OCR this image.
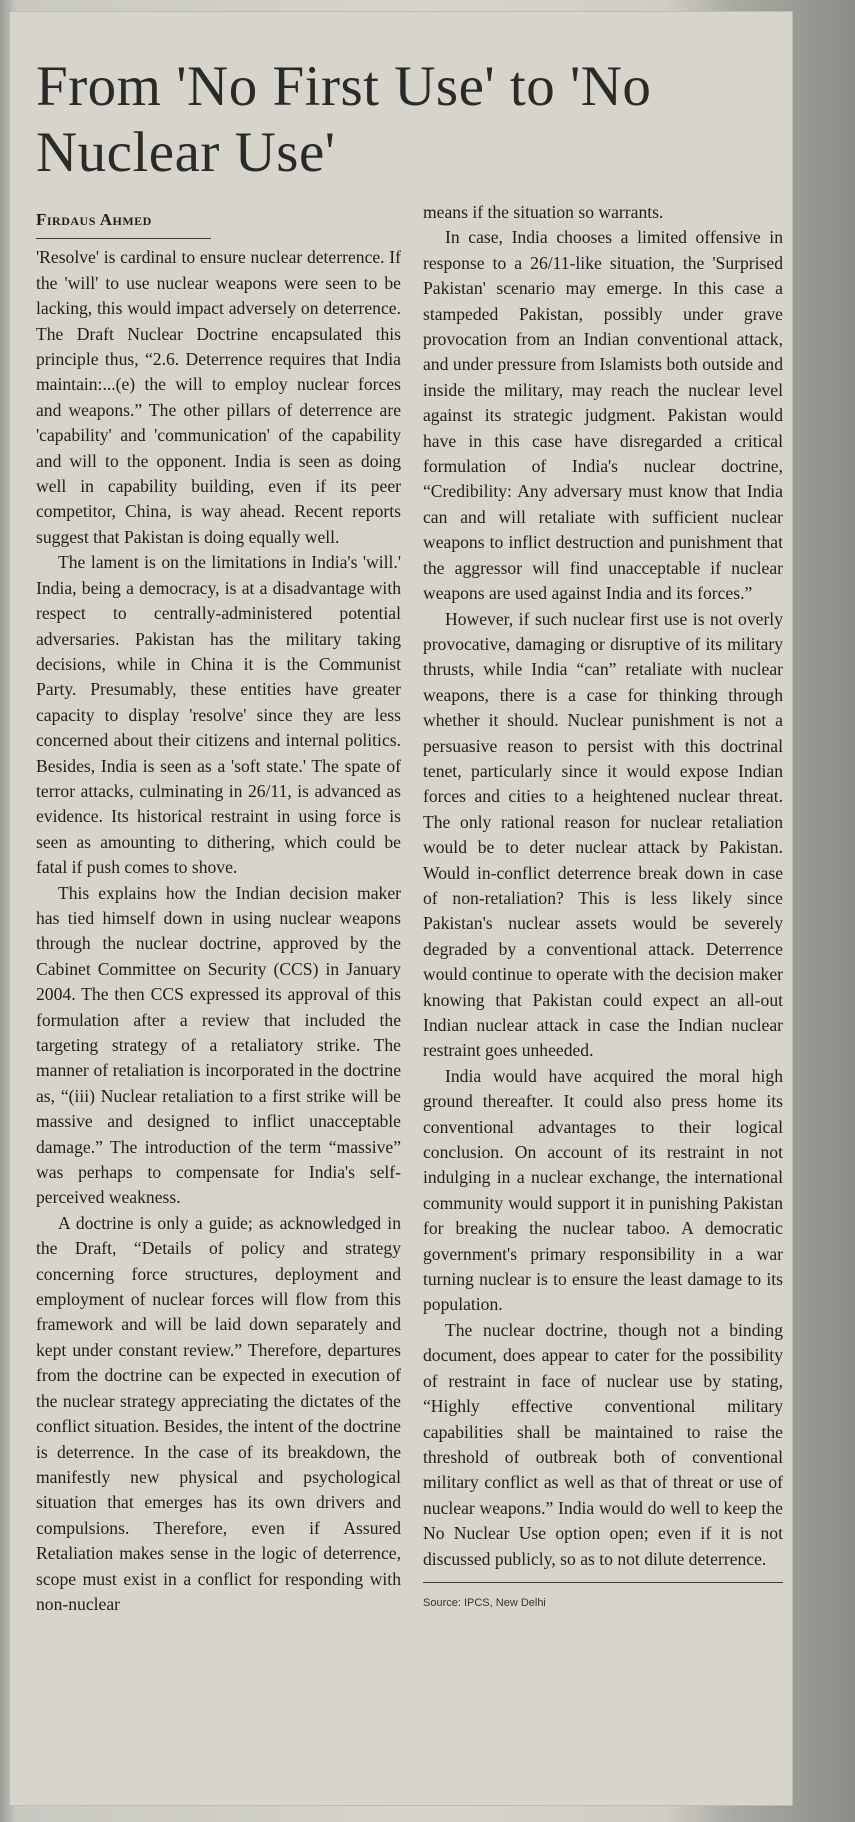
From 'No First Use' to 'No Nuclear Use'
Firdaus Ahmed

'Resolve' is cardinal to ensure nuclear deterrence. If the 'will' to use nuclear weapons were seen to be lacking, this would impact adversely on deterrence. The Draft Nuclear Doctrine encapsulated this principle thus, “2.6. Deterrence requires that India maintain:...(e) the will to employ nuclear forces and weapons.” The other pillars of deterrence are 'capability' and 'communication' of the capability and will to the opponent. India is seen as doing well in capability building, even if its peer competitor, China, is way ahead. Recent reports suggest that Pakistan is doing equally well.

The lament is on the limitations in India's 'will.' India, being a democracy, is at a disadvantage with respect to centrally-administered potential adversaries. Pakistan has the military taking decisions, while in China it is the Communist Party. Presumably, these entities have greater capacity to display 'resolve' since they are less concerned about their citizens and internal politics. Besides, India is seen as a 'soft state.' The spate of terror attacks, culminating in 26/11, is advanced as evidence. Its historical restraint in using force is seen as amounting to dithering, which could be fatal if push comes to shove.

This explains how the Indian decision maker has tied himself down in using nuclear weapons through the nuclear doctrine, approved by the Cabinet Committee on Security (CCS) in January 2004. The then CCS expressed its approval of this formulation after a review that included the targeting strategy of a retaliatory strike. The manner of retaliation is incorporated in the doctrine as, “(iii) Nuclear retaliation to a first strike will be massive and designed to inflict unacceptable damage.” The introduction of the term “massive” was perhaps to compensate for India's self-perceived weakness.

A doctrine is only a guide; as acknowledged in the Draft, “Details of policy and strategy concerning force structures, deployment and employment of nuclear forces will flow from this framework and will be laid down separately and kept under constant review.” Therefore, departures from the doctrine can be expected in execution of the nuclear strategy appreciating the dictates of the conflict situation. Besides, the intent of the doctrine is deterrence. In the case of its breakdown, the manifestly new physical and psychological situation that emerges has its own drivers and compulsions. Therefore, even if Assured Retaliation makes sense in the logic of deterrence, scope must exist in a conflict for responding with non-nuclear

means if the situation so warrants.

In case, India chooses a limited offensive in response to a 26/11-like situation, the 'Surprised Pakistan' scenario may emerge. In this case a stampeded Pakistan, possibly under grave provocation from an Indian conventional attack, and under pressure from Islamists both outside and inside the military, may reach the nuclear level against its strategic judgment. Pakistan would have in this case have disregarded a critical formulation of India's nuclear doctrine, “Credibility: Any adversary must know that India can and will retaliate with sufficient nuclear weapons to inflict destruction and punishment that the aggressor will find unacceptable if nuclear weapons are used against India and its forces.”

However, if such nuclear first use is not overly provocative, damaging or disruptive of its military thrusts, while India “can” retaliate with nuclear weapons, there is a case for thinking through whether it should. Nuclear punishment is not a persuasive reason to persist with this doctrinal tenet, particularly since it would expose Indian forces and cities to a heightened nuclear threat. The only rational reason for nuclear retaliation would be to deter nuclear attack by Pakistan. Would in-conflict deterrence break down in case of non-retaliation? This is less likely since Pakistan's nuclear assets would be severely degraded by a conventional attack. Deterrence would continue to operate with the decision maker knowing that Pakistan could expect an all-out Indian nuclear attack in case the Indian nuclear restraint goes unheeded.

India would have acquired the moral high ground thereafter. It could also press home its conventional advantages to their logical conclusion. On account of its restraint in not indulging in a nuclear exchange, the international community would support it in punishing Pakistan for breaking the nuclear taboo. A democratic government's primary responsibility in a war turning nuclear is to ensure the least damage to its population.

The nuclear doctrine, though not a binding document, does appear to cater for the possibility of restraint in face of nuclear use by stating, “Highly effective conventional military capabilities shall be maintained to raise the threshold of outbreak both of conventional military conflict as well as that of threat or use of nuclear weapons.” India would do well to keep the No Nuclear Use option open; even if it is not discussed publicly, so as to not dilute deterrence.

Source: IPCS, New Delhi
